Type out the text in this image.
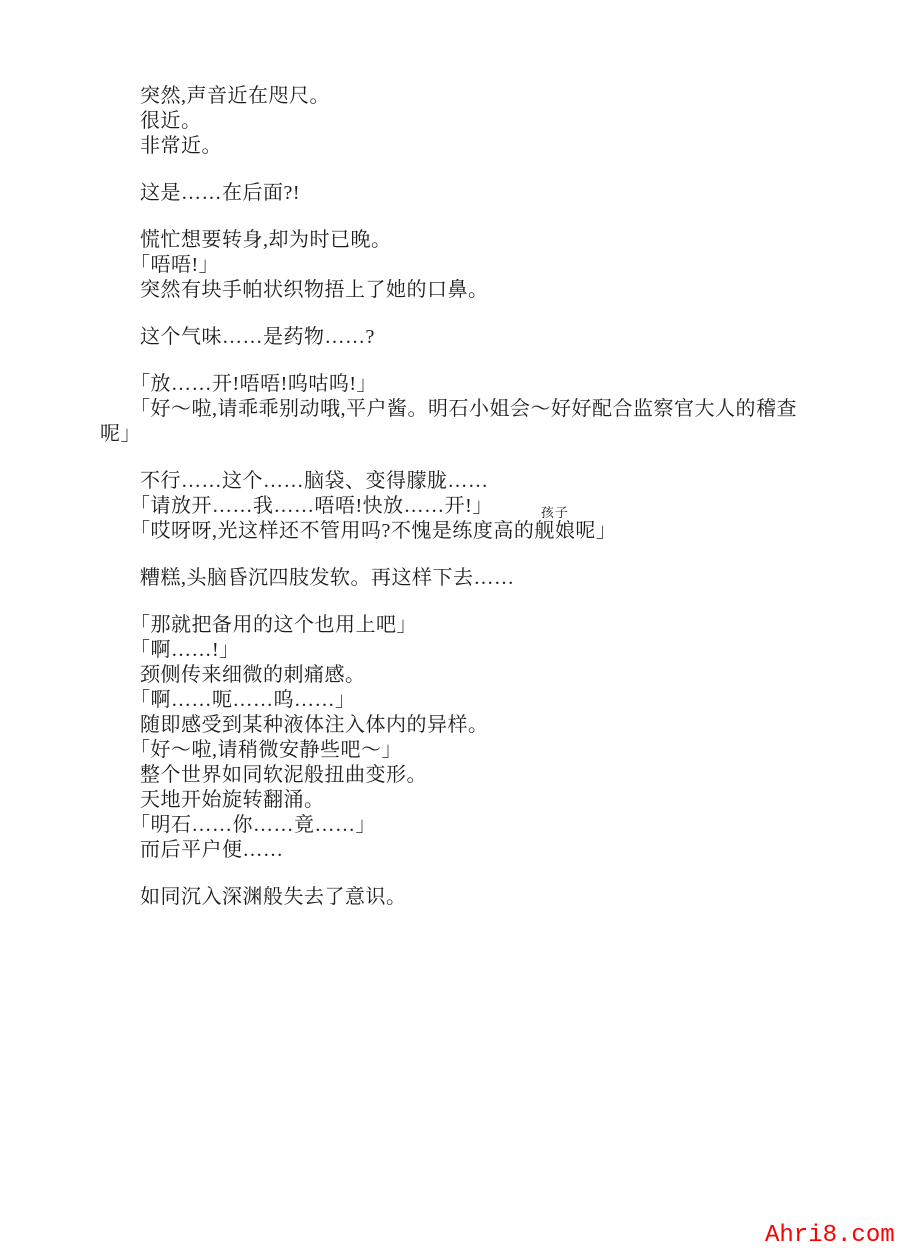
突然,声音近在咫尺。
很近。
非常近。
这是……在后面?!
慌忙想要转身,却为时已晚。
「唔唔!」
突然有块手帕状织物捂上了她的口鼻。
这个气味……是药物……?
「放……开!唔唔!呜咕呜!」
「好～啦,请乖乖别动哦,平户酱。明石小姐会～好好配合监察官大人的稽查
呢」
不行……这个……脑袋、变得朦胧……
「请放开……我……唔唔!快放……开!」
「哎呀呀,光这样还不管用吗?不愧是练度高的
孩子
舰娘呢」
糟糕,头脑昏沉四肢发软。再这样下去……
「那就把备用的这个也用上吧」
「啊……!」
颈侧传来细微的刺痛感。
「啊……呃……呜……」
随即感受到某种液体注入体内的异样。
「好～啦,请稍微安静些吧～」
整个世界如同软泥般扭曲变形。
天地开始旋转翻涌。
「明石……你……竟……」
而后平户便……
如同沉入深渊般失去了意识。
Ahri8.com
